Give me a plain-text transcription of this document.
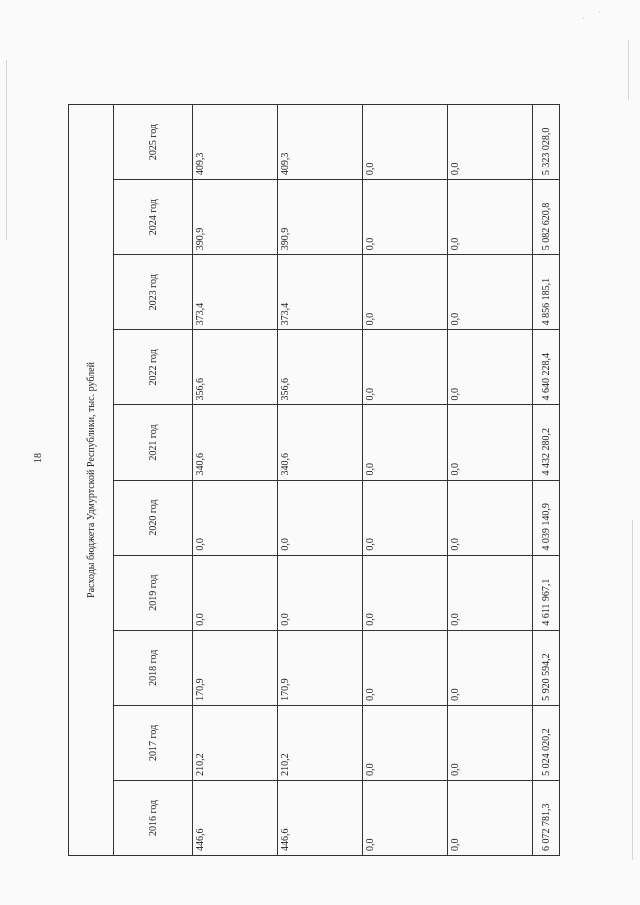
·
·
18	Расходы бюджета Удмуртской Республики, тыс. рублей									
2016 год	2017 год	2018 год	2019 год	2020 год	2021 год	2022 год	2023 год	2024 год	2025 год
446,6	210,2	170,9	0,0	0,0	340,6	356,6	373,4	390,9	409,3
446,6	210,2	170,9	0,0	0,0	340,6	356,6	373,4	390,9	409,3
0,0	0,0	0,0	0,0	0,0	0,0	0,0	0,0	0,0	0,0
0,0	0,0	0,0	0,0	0,0	0,0	0,0	0,0	0,0	0,0
6 072 781,3	5 024 020,2	5 920 594,2	4 611 967,1	4 039 140,9	4 432 280,2	4 640 228,4	4 856 185,1	5 082 620,8	5 323 028,0
